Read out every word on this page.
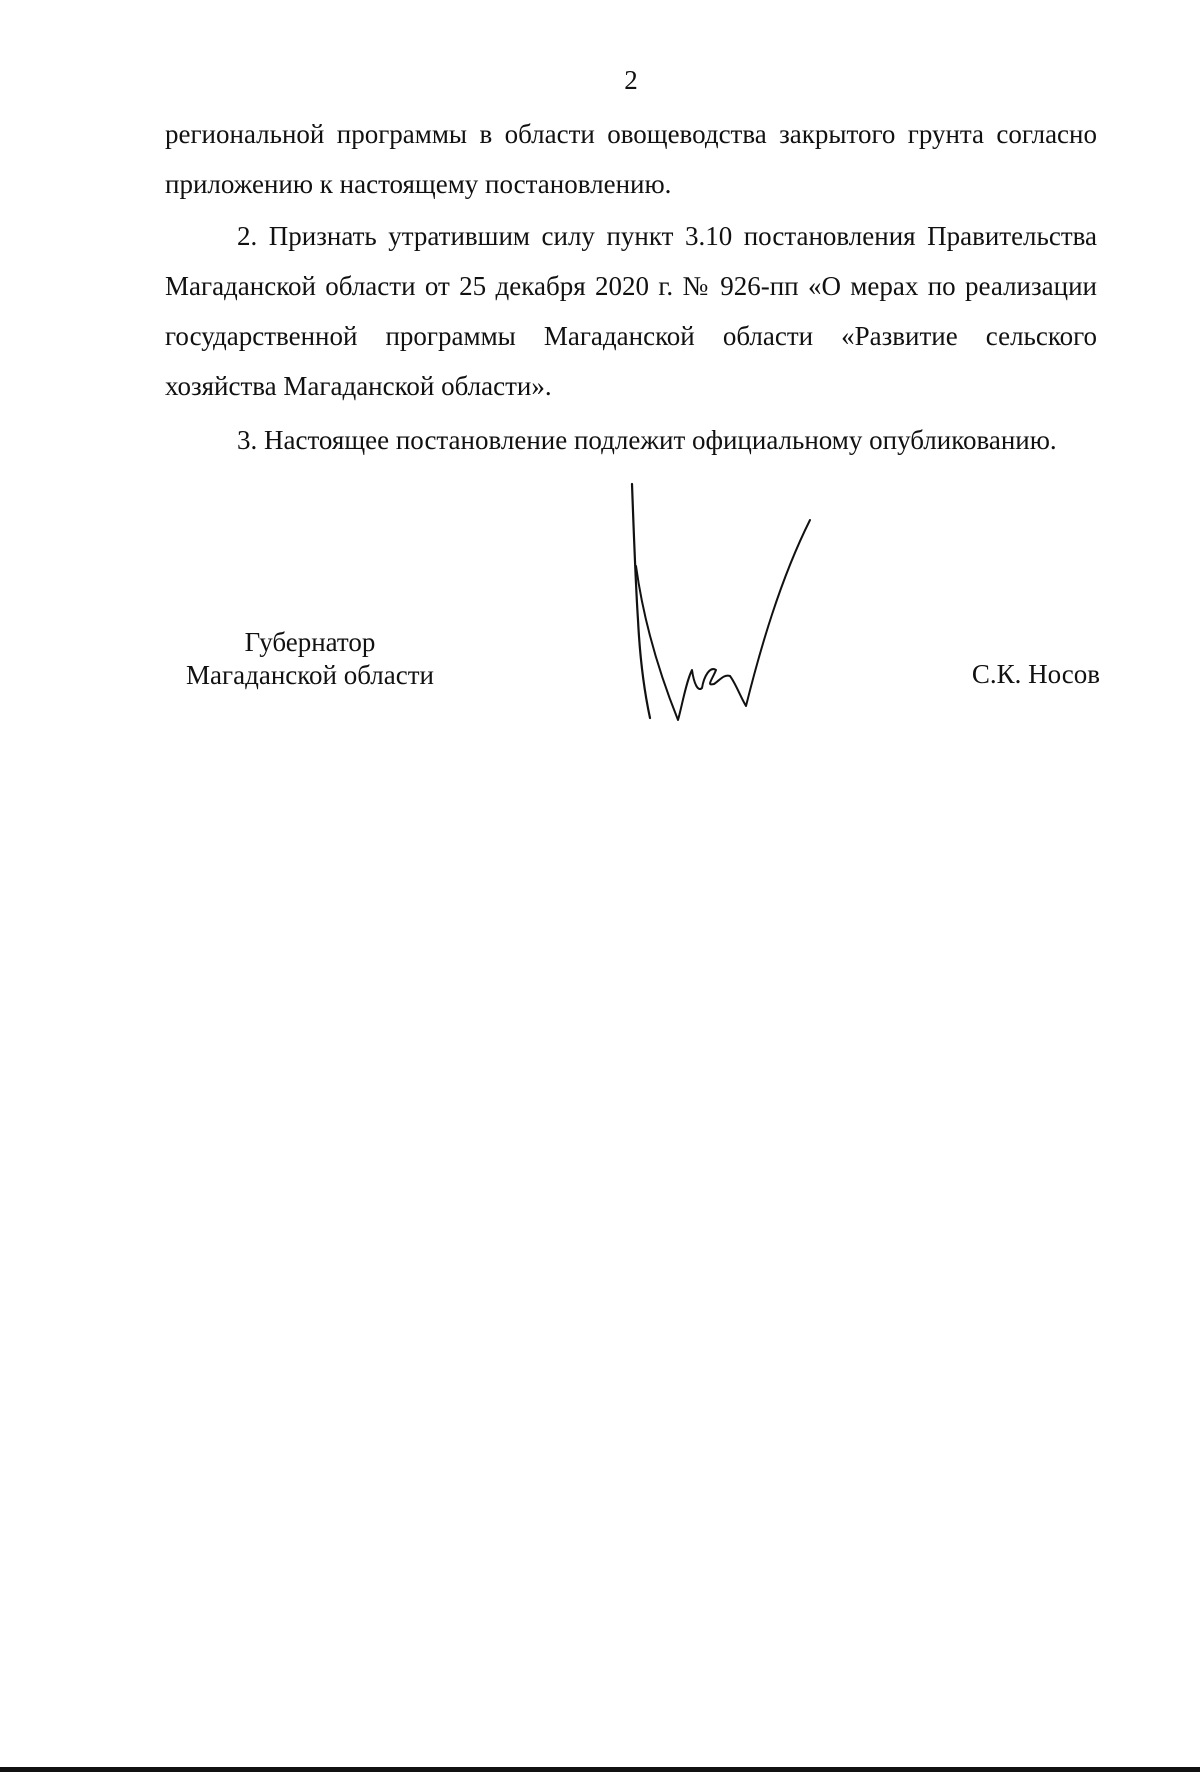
2

региональной программы в области овощеводства закрытого грунта согласно приложению к настоящему постановлению.

2. Признать утратившим силу пункт 3.10 постановления Правительства Магаданской области от 25 декабря 2020 г. № 926-пп «О мерах по реализации государственной программы Магаданской области «Развитие сельского хозяйства Магаданской области».

3. Настоящее постановление подлежит официальному опубликованию.

Губернатор
Магаданской области	С.К. Носов
